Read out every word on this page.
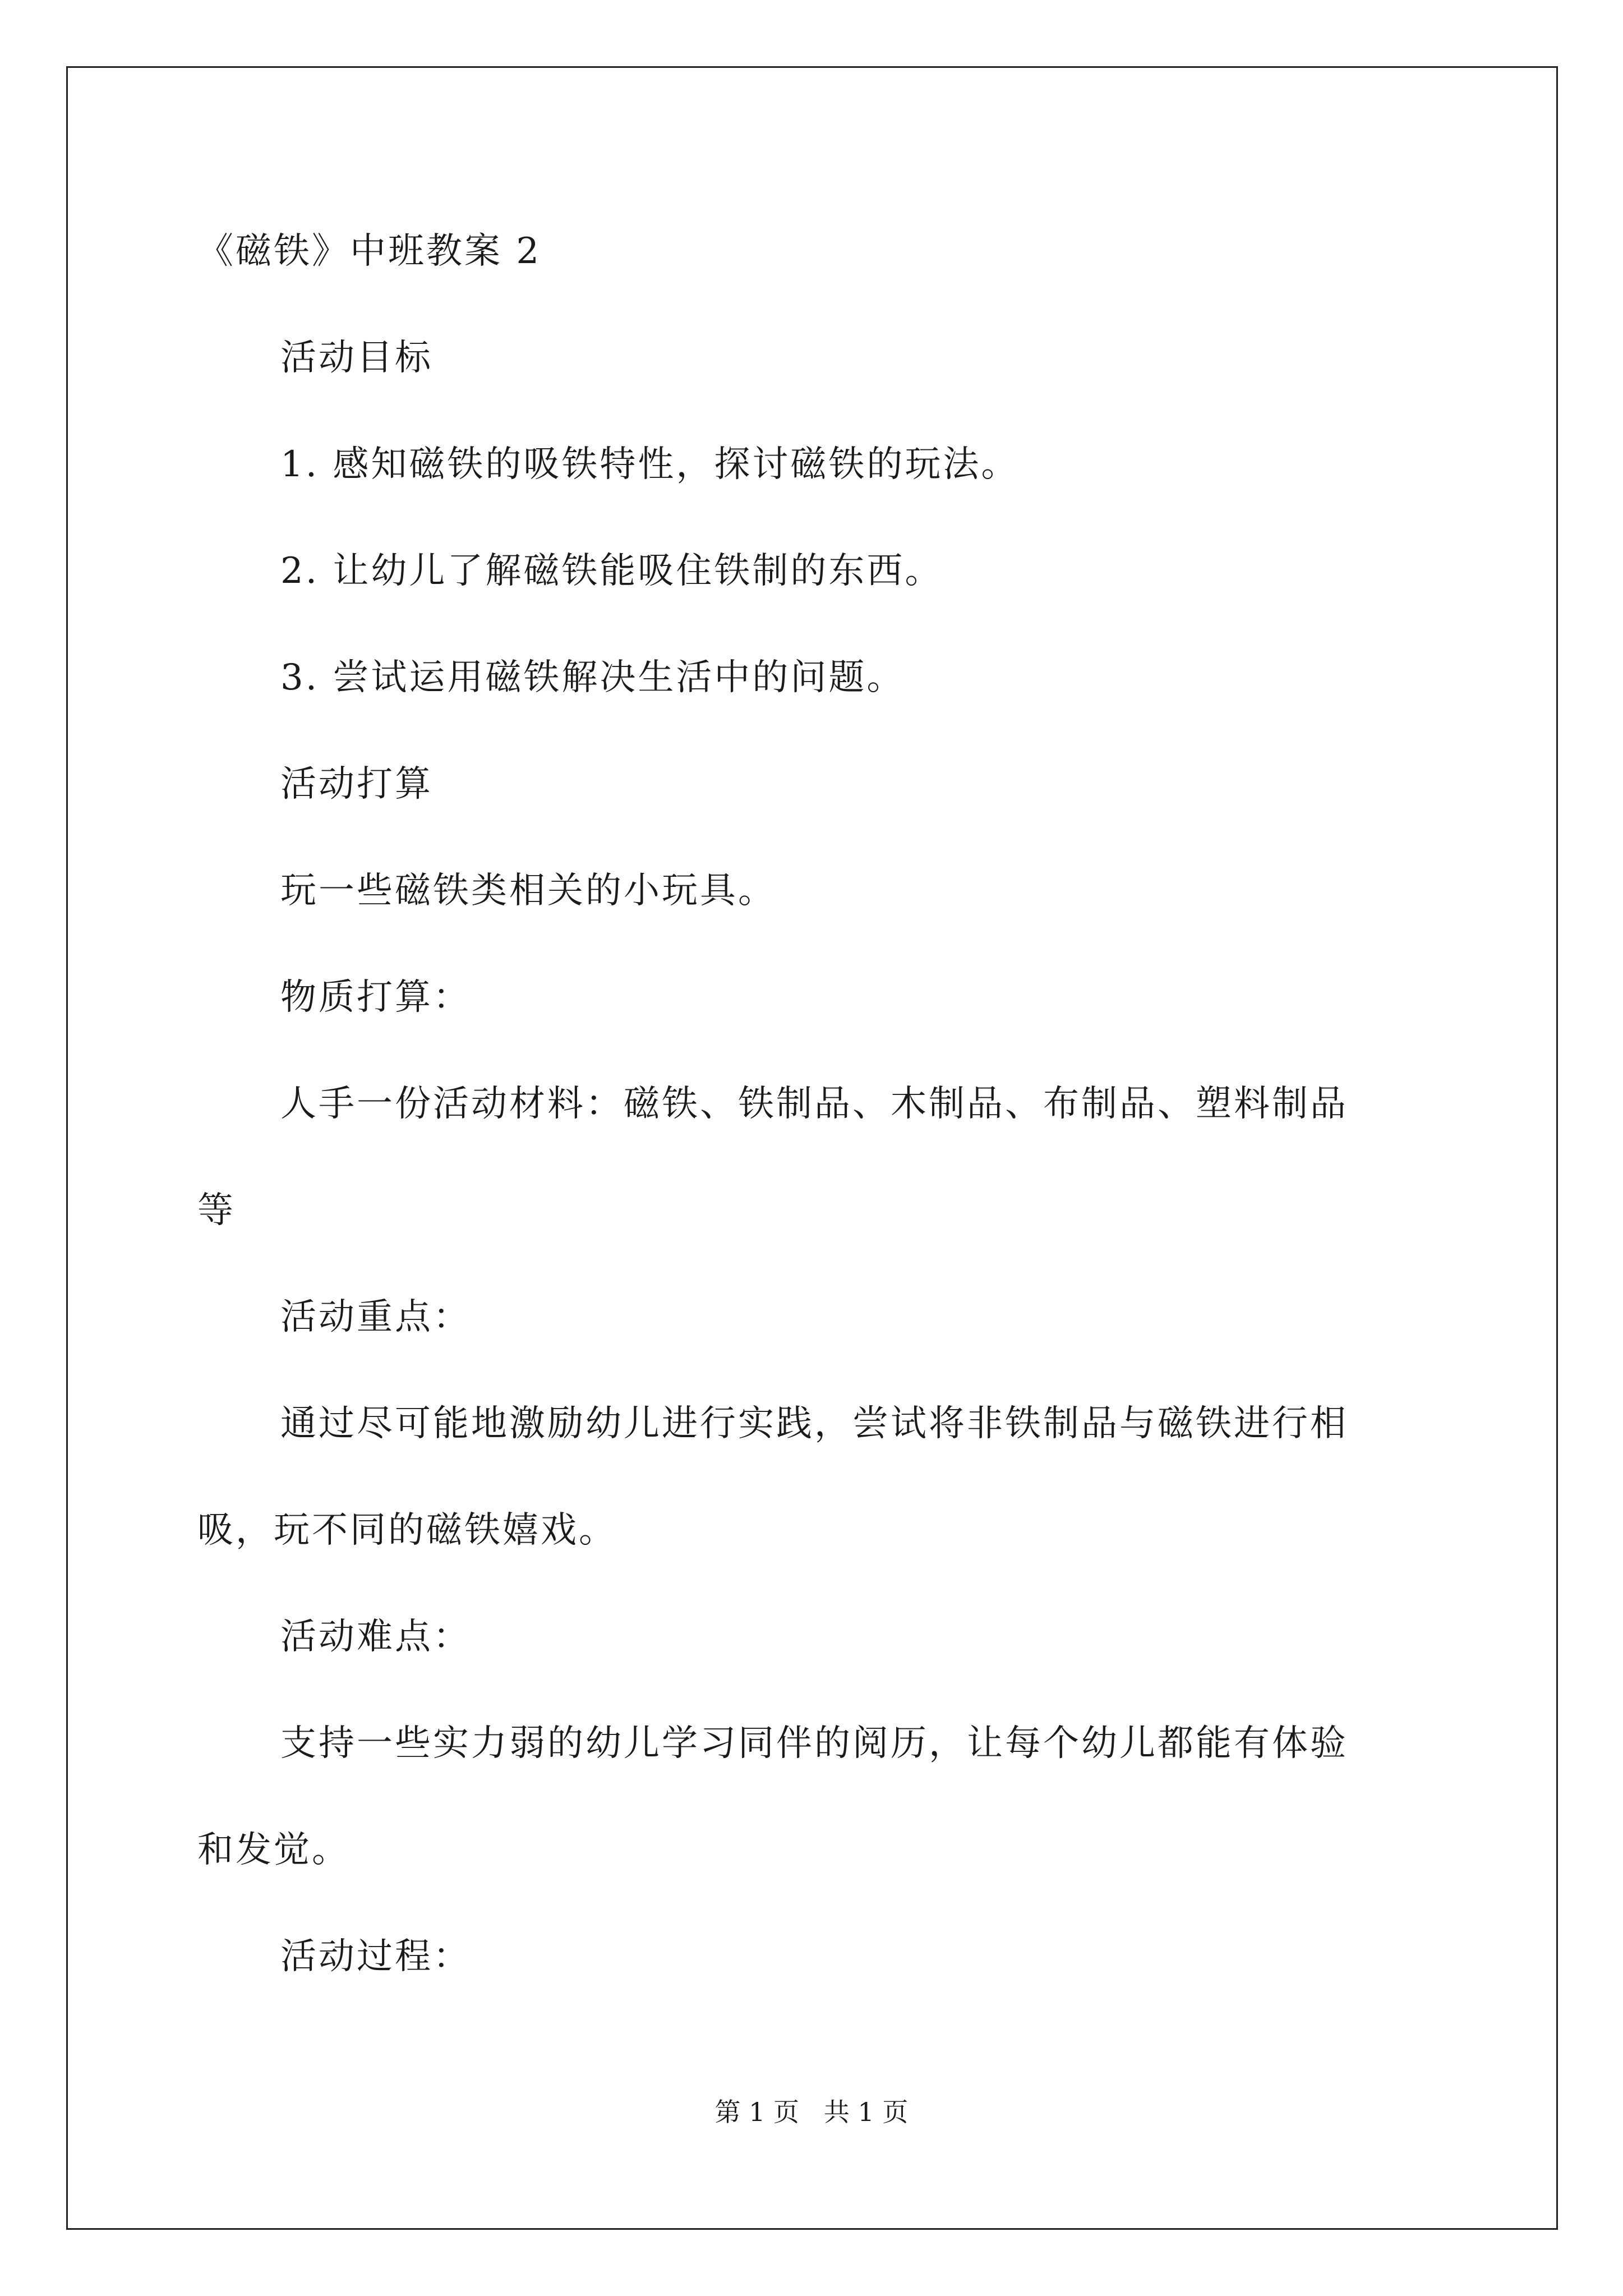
《磁铁》中班教案 2
活动目标
1. 感知磁铁的吸铁特性，探讨磁铁的玩法。
2. 让幼儿了解磁铁能吸住铁制的东西。
3. 尝试运用磁铁解决生活中的问题。
活动打算
玩一些磁铁类相关的小玩具。
物质打算：
人手一份活动材料：磁铁、铁制品、木制品、布制品、塑料制品
等
活动重点：
通过尽可能地激励幼儿进行实践，尝试将非铁制品与磁铁进行相
吸，玩不同的磁铁嬉戏。
活动难点：
支持一些实力弱的幼儿学习同伴的阅历，让每个幼儿都能有体验
和发觉。
活动过程：
第 1 页   共 1 页
